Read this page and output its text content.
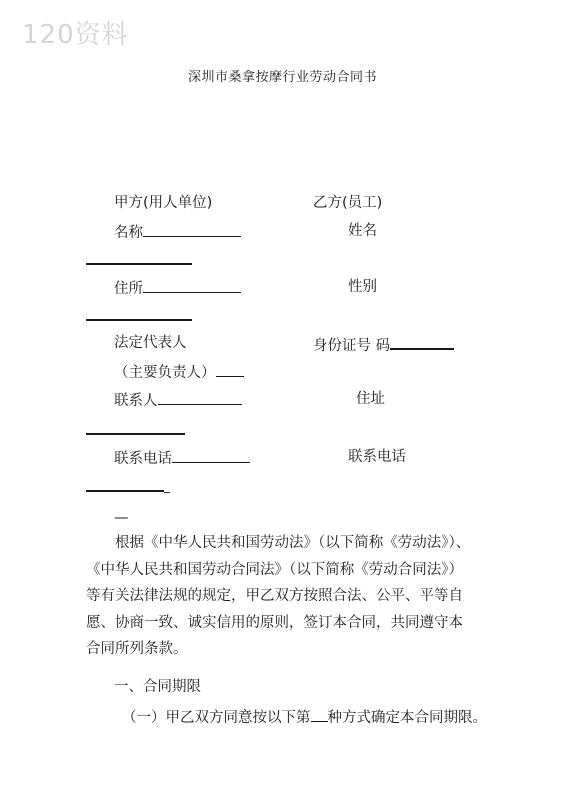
120资料
深圳市桑拿按摩行业劳动合同书
甲方(用人单位)	乙方(员工)
名称	姓名
住所	性别
法定代表人	身份证号 码
（主要负责人）
联系人	住址
联系电话	联系电话
_
—
根据《中华人民共和国劳动法》（以下简称《劳动法》）、《中华人民共和国劳动合同法》（以下简称《劳动合同法》）等有关法律法规的规定，甲乙双方按照合法、公平、平等自愿、协商一致、诚实信用的原则，签订本合同，共同遵守本合同所列条款。
一、合同期限
（一）甲乙双方同意按以下第 种方式确定本合同期限。
